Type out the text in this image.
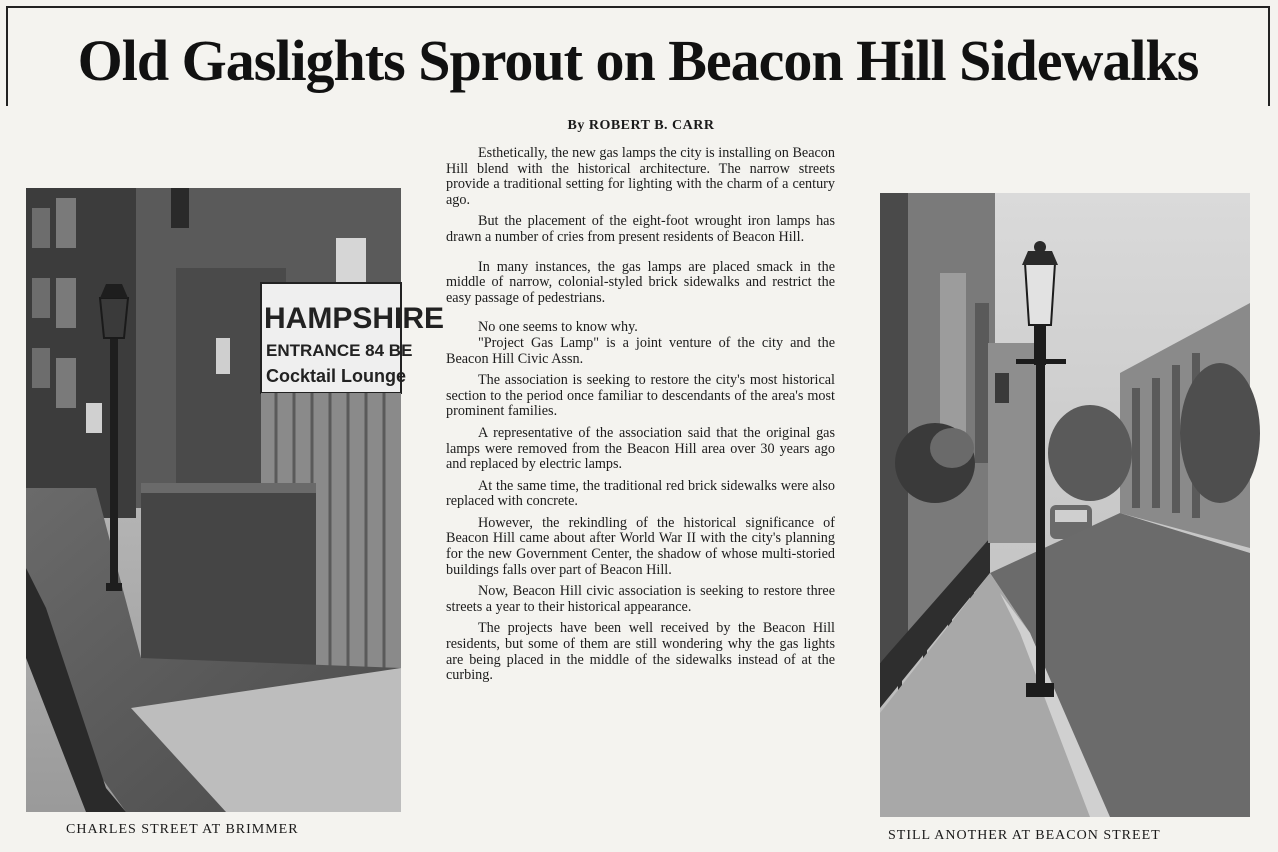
Old Gaslights Sprout on Beacon Hill Sidewalks
By ROBERT B. CARR

Esthetically, the new gas lamps the city is installing on Beacon Hill blend with the historical architecture. The narrow streets provide a traditional setting for lighting with the charm of a century ago.

But the placement of the eight-foot wrought iron lamps has drawn a number of cries from present residents of Beacon Hill.

In many instances, the gas lamps are placed smack in the middle of narrow, colonial-styled brick sidewalks and restrict the easy passage of pedestrians.

No one seems to know why.

"Project Gas Lamp" is a joint venture of the city and the Beacon Hill Civic Assn.

The association is seeking to restore the city's most historical section to the period once familiar to descendants of the area's most prominent families.

A representative of the association said that the original gas lamps were removed from the Beacon Hill area over 30 years ago and replaced by electric lamps.

At the same time, the traditional red brick sidewalks were also replaced with concrete.

However, the rekindling of the historical significance of Beacon Hill came about after World War II with the city's planning for the new Government Center, the shadow of whose multi-storied buildings falls over part of Beacon Hill.

Now, Beacon Hill civic association is seeking to restore three streets a year to their historical appearance.

The projects have been well received by the Beacon Hill residents, but some of them are still wondering why the gas lights are being placed in the middle of the sidewalks instead of at the curbing.

HAMPSHIRE
ENTRANCE 84 BE
Cocktail Lounge
CHARLES STREET AT BRIMMER	STILL ANOTHER AT BEACON STREET
